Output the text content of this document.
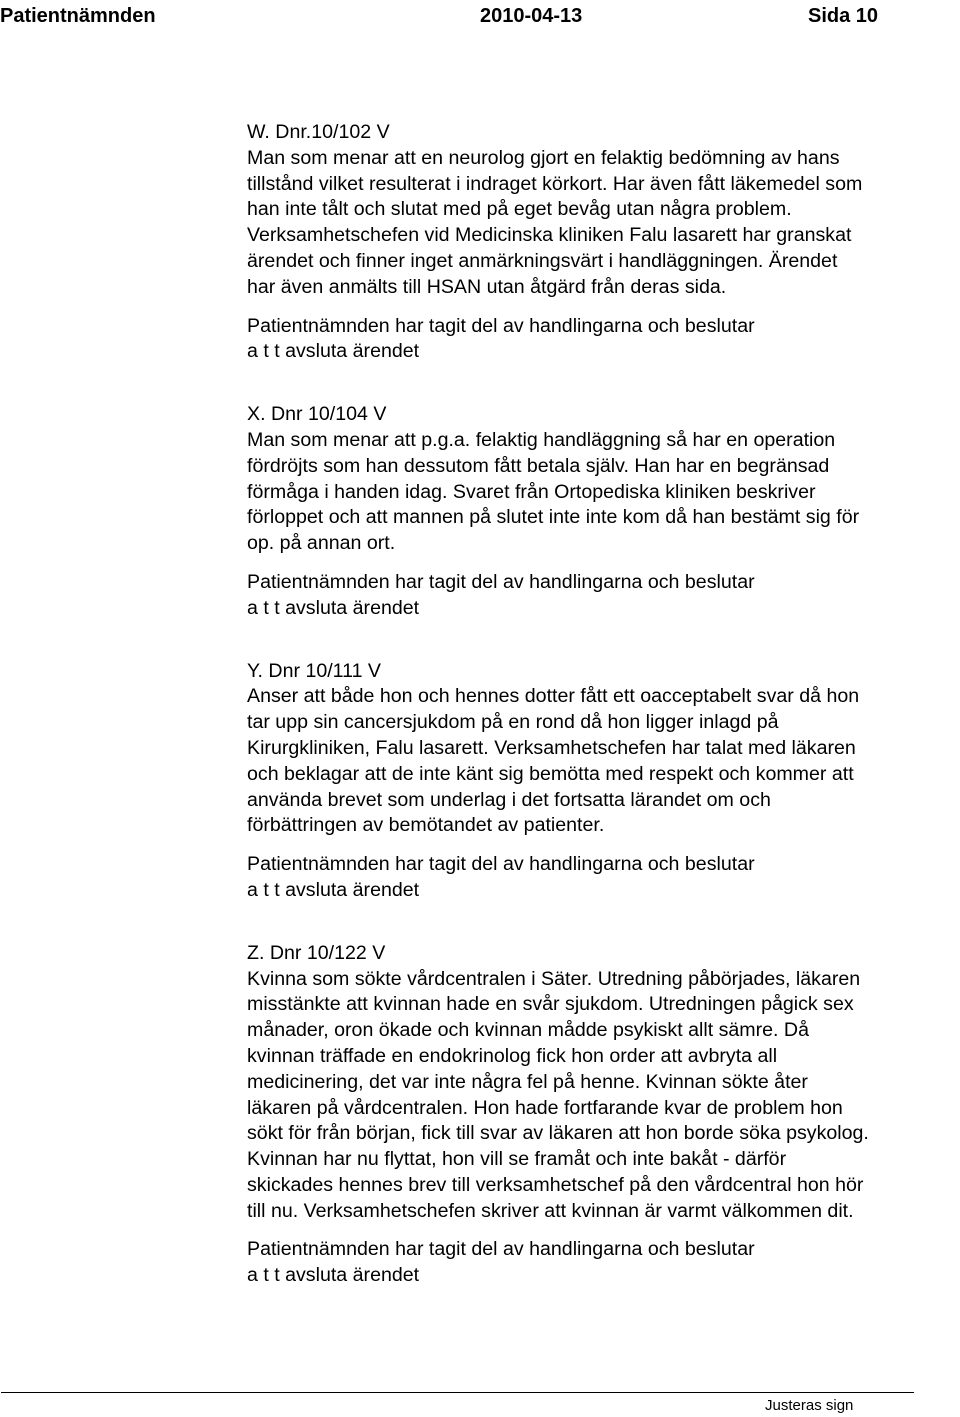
Patientnämnden	2010-04-13	Sida 10
W. Dnr.10/102 V
Man som menar att en neurolog gjort en felaktig bedömning av hans
tillstånd vilket resulterat i indraget körkort. Har även fått läkemedel som
han inte tålt och slutat med på eget bevåg utan några problem.
Verksamhetschefen vid Medicinska kliniken Falu lasarett har granskat
ärendet och finner inget anmärkningsvärt i handläggningen. Ärendet
har även anmälts till HSAN utan åtgärd från deras sida.
Patientnämnden har tagit del av handlingarna och beslutar
a t t avsluta ärendet
X. Dnr 10/104 V
Man som menar att p.g.a. felaktig handläggning så har en operation
fördröjts som han dessutom fått betala själv. Han har en begränsad
förmåga i handen idag. Svaret från Ortopediska kliniken beskriver
förloppet och att mannen på slutet inte inte kom då han bestämt sig för
op. på annan ort.
Patientnämnden har tagit del av handlingarna och beslutar
a t t avsluta ärendet
Y. Dnr 10/111 V
Anser att både hon och hennes dotter fått ett oacceptabelt svar då hon
tar upp sin cancersjukdom på en rond då hon ligger inlagd på
Kirurgkliniken, Falu lasarett. Verksamhetschefen har talat med läkaren
och beklagar att de inte känt sig bemötta med respekt och kommer att
använda brevet som underlag i det fortsatta lärandet om och
förbättringen av bemötandet av patienter.
Patientnämnden har tagit del av handlingarna och beslutar
a t t avsluta ärendet
Z. Dnr 10/122 V
Kvinna som sökte vårdcentralen i Säter. Utredning påbörjades, läkaren
misstänkte att kvinnan hade en svår sjukdom. Utredningen pågick sex
månader, oron ökade och kvinnan mådde psykiskt allt sämre. Då
kvinnan träffade en endokrinolog fick hon order att avbryta all
medicinering, det var inte några fel på henne. Kvinnan sökte åter
läkaren på vårdcentralen. Hon hade fortfarande kvar de problem hon
sökt för från början, fick till svar av läkaren att hon borde söka psykolog.
Kvinnan har nu flyttat, hon vill se framåt och inte bakåt - därför
skickades hennes brev till verksamhetschef på den vårdcentral hon hör
till nu. Verksamhetschefen skriver att kvinnan är varmt välkommen dit.
Patientnämnden har tagit del av handlingarna och beslutar
a t t avsluta ärendet
Justeras sign
